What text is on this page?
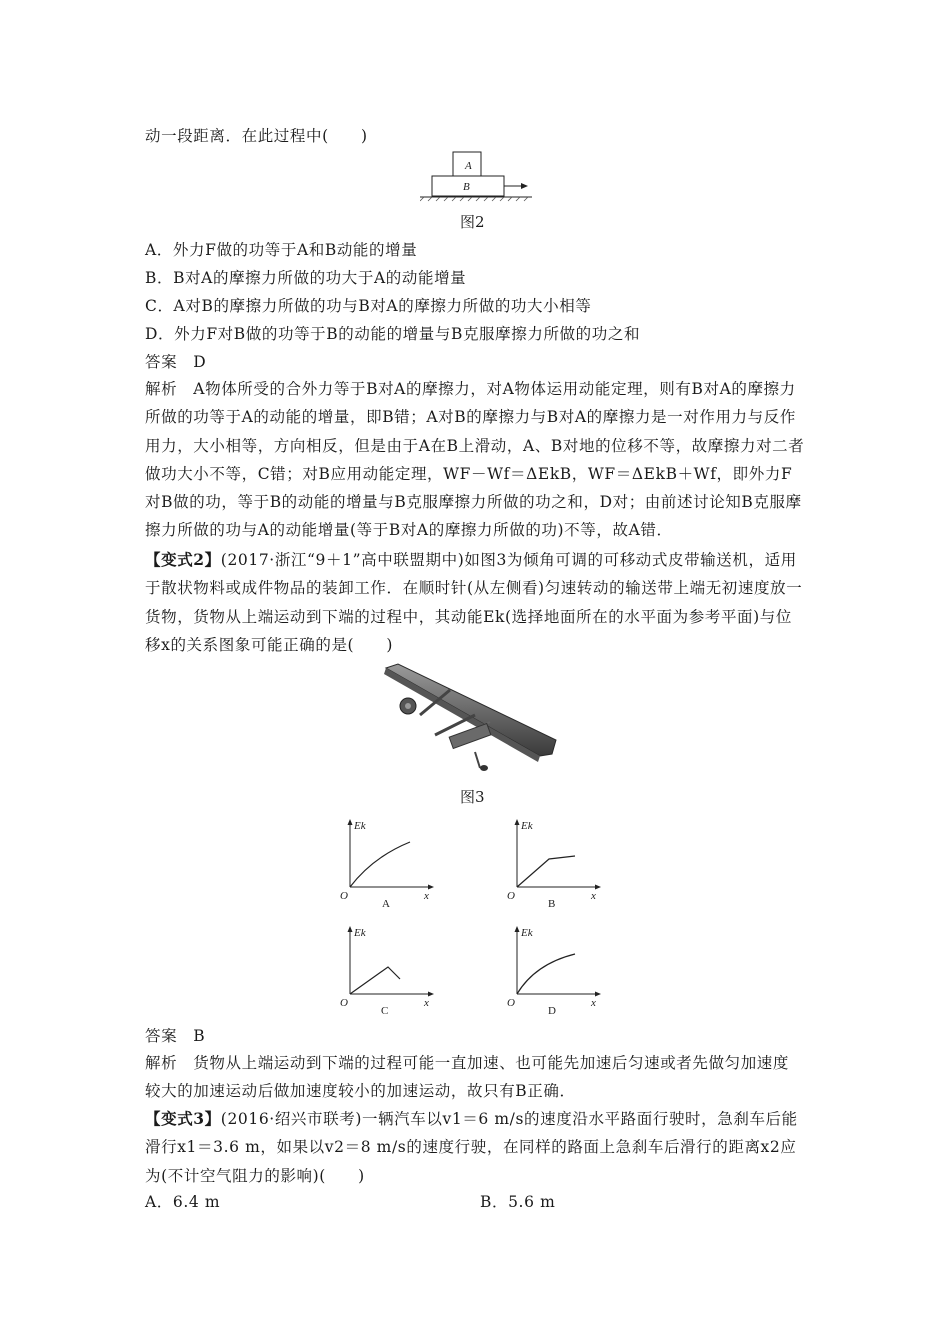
动一段距离．在此过程中(　　)
A
B
图2
A．外力F做的功等于A和B动能的增量
B．B对A的摩擦力所做的功大于A的动能增量
C．A对B的摩擦力所做的功与B对A的摩擦力所做的功大小相等
D．外力F对B做的功等于B的动能的增量与B克服摩擦力所做的功之和
答案　D
解析　A物体所受的合外力等于B对A的摩擦力，对A物体运用动能定理，则有B对A的摩擦力所做的功等于A的动能的增量，即B错；A对B的摩擦力与B对A的摩擦力是一对作用力与反作用力，大小相等，方向相反，但是由于A在B上滑动，A、B对地的位移不等，故摩擦力对二者做功大小不等，C错；对B应用动能定理，WF－Wf＝ΔEkB，WF＝ΔEkB＋Wf，即外力F对B做的功，等于B的动能的增量与B克服摩擦力所做的功之和，D对；由前述讨论知B克服摩擦力所做的功与A的动能增量(等于B对A的摩擦力所做的功)不等，故A错．
【变式2】(2017·浙江“9＋1”高中联盟期中)如图3为倾角可调的可移动式皮带输送机，适用于散状物料或成件物品的装卸工作．在顺时针(从左侧看)匀速转动的输送带上端无初速度放一货物，货物从上端运动到下端的过程中，其动能Ek(选择地面所在的水平面为参考平面)与位移x的关系图象可能正确的是(　　)
图3
Ek
O	x
A
Ek
O	x
B
Ek
O	x
C
Ek
O	x
D
答案　B
解析　货物从上端运动到下端的过程可能一直加速、也可能先加速后匀速或者先做匀加速度较大的加速运动后做加速度较小的加速运动，故只有B正确．
【变式3】(2016·绍兴市联考)一辆汽车以v1＝6 m/s的速度沿水平路面行驶时，急刹车后能滑行x1＝3.6 m，如果以v2＝8 m/s的速度行驶，在同样的路面上急刹车后滑行的距离x2应为(不计空气阻力的影响)(　　)
A．6.4 m	B．5.6 m
